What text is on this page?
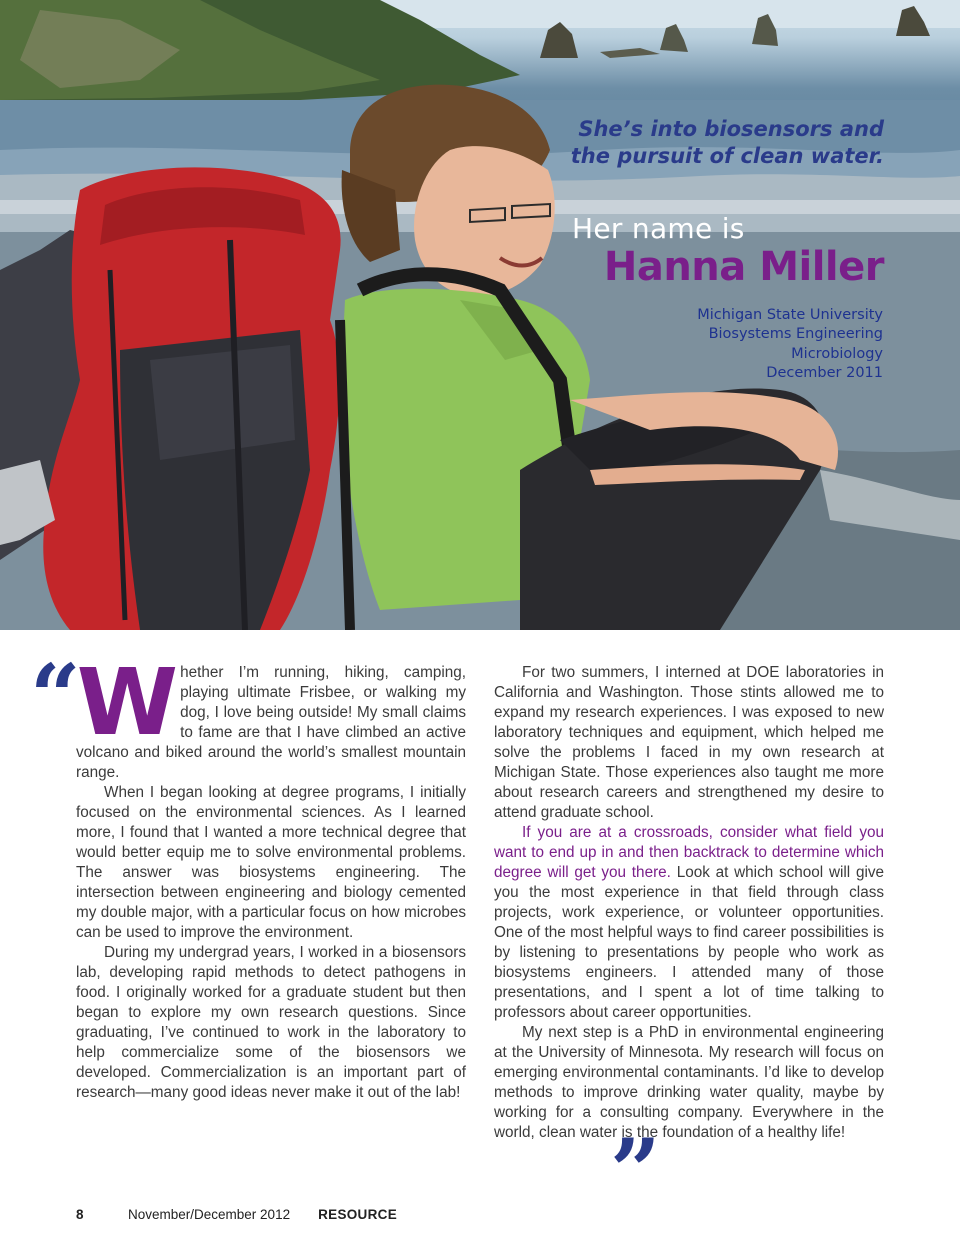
She’s into biosensors and
the pursuit of clean water.
Her name is
Hanna Miller
Michigan State University
Biosystems Engineering
Microbiology
December 2011

“
W hether I’m running, hiking, camping, playing ultimate Frisbee, or walking my dog, I love being outside! My small claims to fame are that I have climbed an active volcano and biked around the world’s smallest mountain range.

When I began looking at degree programs, I initially focused on the environmental sciences. As I learned more, I found that I wanted a more technical degree that would better equip me to solve environmental problems. The answer was biosystems engineering. The intersection between engineering and biology cemented my double major, with a particular focus on how microbes can be used to improve the environment.

During my undergrad years, I worked in a biosensors lab, developing rapid methods to detect pathogens in food. I originally worked for a graduate student but then began to explore my own research questions. Since graduating, I’ve continued to work in the laboratory to help commercialize some of the biosensors we developed. Commercialization is an important part of research—many good ideas never make it out of the lab!

For two summers, I interned at DOE laboratories in California and Washington. Those stints allowed me to expand my research experiences. I was exposed to new laboratory techniques and equipment, which helped me solve the problems I faced in my own research at Michigan State. Those experiences also taught me more about research careers and strengthened my desire to attend graduate school.

If you are at a crossroads, consider what field you want to end up in and then backtrack to determine which degree will get you there. Look at which school will give you the most experience in that field through class projects, work experience, or volunteer opportunities. One of the most helpful ways to find career possibilities is by listening to presentations by people who work as biosystems engineers. I attended many of those presentations, and I spent a lot of time talking to professors about career opportunities.

My next step is a PhD in environmental engineering at the University of Minnesota. My research will focus on emerging environmental contaminants. I’d like to develop methods to improve drinking water quality, maybe by working for a consulting company. Everywhere in the world, clean water is the foundation of a healthy life!

”
8	November/December 2012 RESOURCE
